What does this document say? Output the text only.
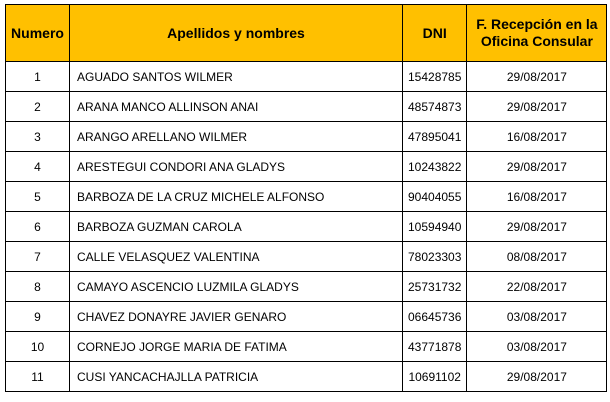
Numero	Apellidos y nombres	DNI	F. Recepción en la Oficina Consular
1	AGUADO SANTOS WILMER	15428785	29/08/2017
2	ARANA MANCO ALLINSON ANAI	48574873	29/08/2017
3	ARANGO ARELLANO WILMER	47895041	16/08/2017
4	ARESTEGUI CONDORI ANA GLADYS	10243822	29/08/2017
5	BARBOZA DE LA CRUZ MICHELE ALFONSO	90404055	16/08/2017
6	BARBOZA GUZMAN CAROLA	10594940	29/08/2017
7	CALLE VELASQUEZ VALENTINA	78023303	08/08/2017
8	CAMAYO ASCENCIO LUZMILA GLADYS	25731732	22/08/2017
9	CHAVEZ DONAYRE JAVIER GENARO	06645736	03/08/2017
10	CORNEJO JORGE MARIA DE FATIMA	43771878	03/08/2017
11	CUSI YANCACHAJLLA PATRICIA	10691102	29/08/2017
